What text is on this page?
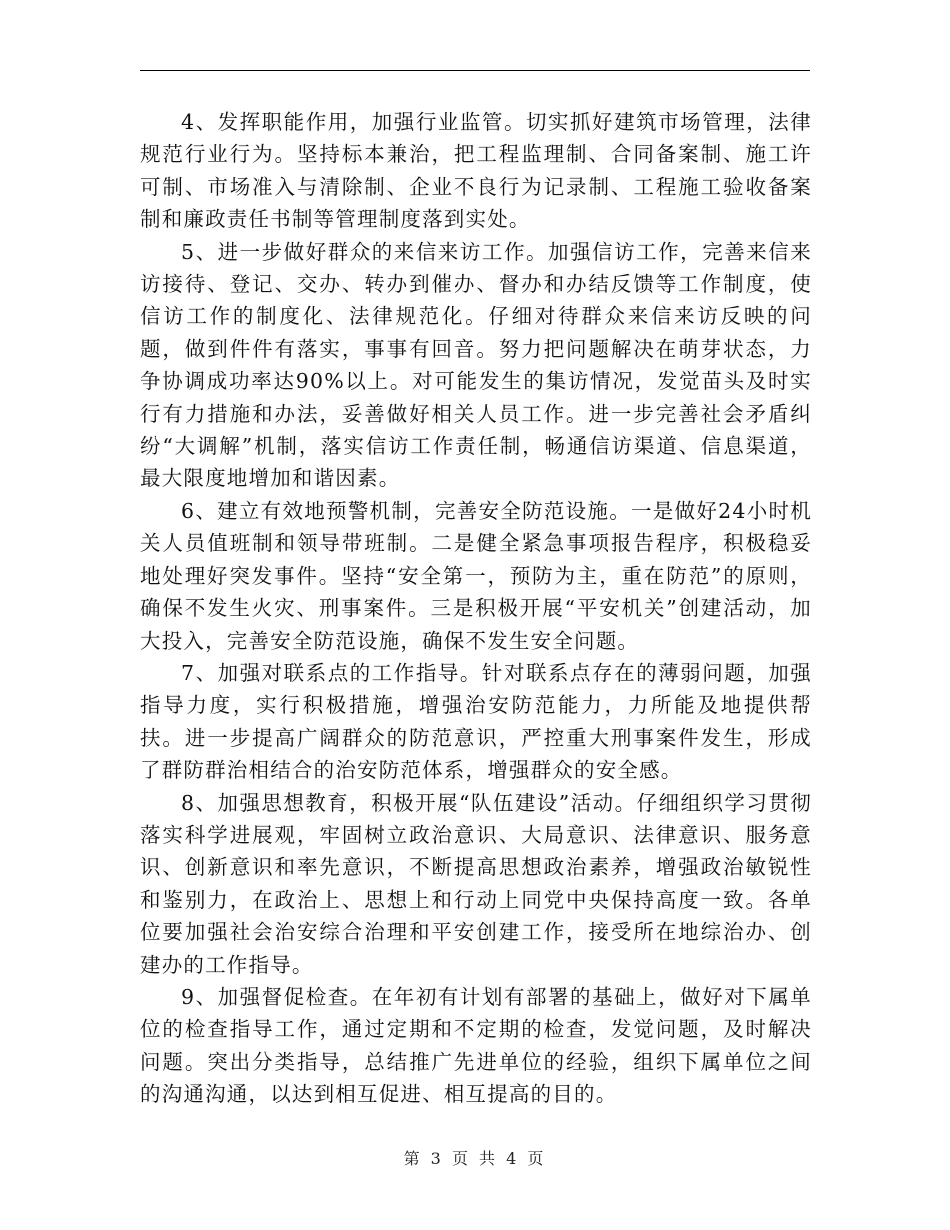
4、发挥职能作用，加强行业监管。切实抓好建筑市场管理，法律规范行业行为。坚持标本兼治，把工程监理制、合同备案制、施工许可制、市场准入与清除制、企业不良行为记录制、工程施工验收备案制和廉政责任书制等管理制度落到实处。

5、进一步做好群众的来信来访工作。加强信访工作，完善来信来访接待、登记、交办、转办到催办、督办和办结反馈等工作制度，使信访工作的制度化、法律规范化。仔细对待群众来信来访反映的问题，做到件件有落实，事事有回音。努力把问题解决在萌芽状态，力争协调成功率达90%以上。对可能发生的集访情况，发觉苗头及时实行有力措施和办法，妥善做好相关人员工作。进一步完善社会矛盾纠纷“大调解”机制，落实信访工作责任制，畅通信访渠道、信息渠道，最大限度地增加和谐因素。

6、建立有效地预警机制，完善安全防范设施。一是做好24小时机关人员值班制和领导带班制。二是健全紧急事项报告程序，积极稳妥地处理好突发事件。坚持“安全第一，预防为主，重在防范”的原则，确保不发生火灾、刑事案件。三是积极开展“平安机关”创建活动，加大投入，完善安全防范设施，确保不发生安全问题。

7、加强对联系点的工作指导。针对联系点存在的薄弱问题，加强指导力度，实行积极措施，增强治安防范能力，力所能及地提供帮扶。进一步提高广阔群众的防范意识，严控重大刑事案件发生，形成了群防群治相结合的治安防范体系，增强群众的安全感。

8、加强思想教育，积极开展“队伍建设”活动。仔细组织学习贯彻落实科学进展观，牢固树立政治意识、大局意识、法律意识、服务意识、创新意识和率先意识，不断提高思想政治素养，增强政治敏锐性和鉴别力，在政治上、思想上和行动上同党中央保持高度一致。各单位要加强社会治安综合治理和平安创建工作，接受所在地综治办、创建办的工作指导。

9、加强督促检查。在年初有计划有部署的基础上，做好对下属单位的检查指导工作，通过定期和不定期的检查，发觉问题，及时解决问题。突出分类指导，总结推广先进单位的经验，组织下属单位之间的沟通沟通，以达到相互促进、相互提高的目的。

第 3 页 共 4 页
